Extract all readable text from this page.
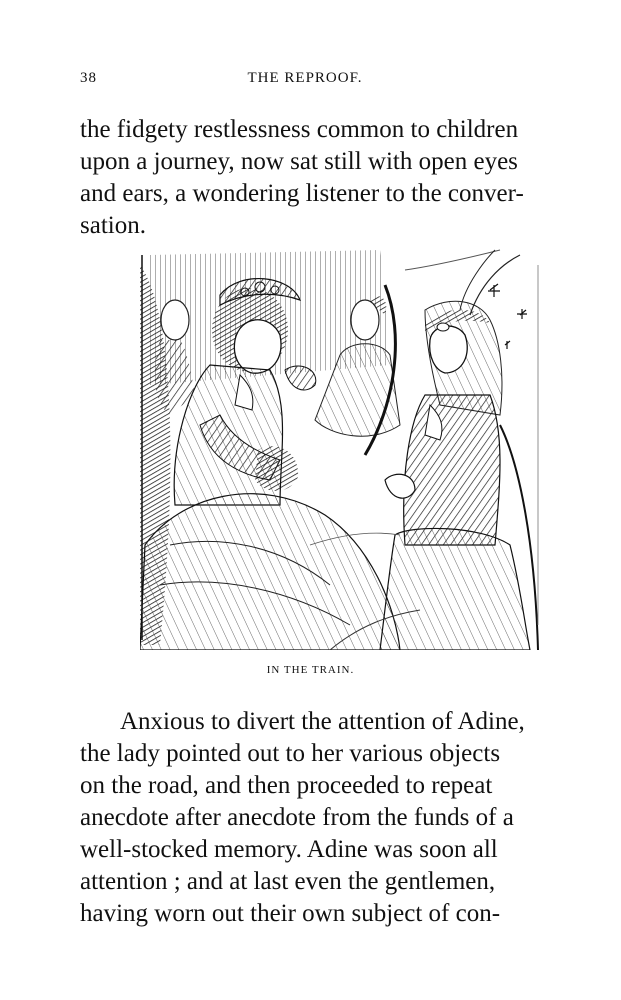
38	THE REPROOF.
the fidgety restlessness common to children
upon a journey, now sat still with open eyes
and ears, a wondering listener to the conver-
sation.
IN THE TRAIN.
Anxious to divert the attention of Adine,
the lady pointed out to her various objects
on the road, and then proceeded to repeat
anecdote after anecdote from the funds of a
well-stocked memory. Adine was soon all
attention ; and at last even the gentlemen,
having worn out their own subject of con-
